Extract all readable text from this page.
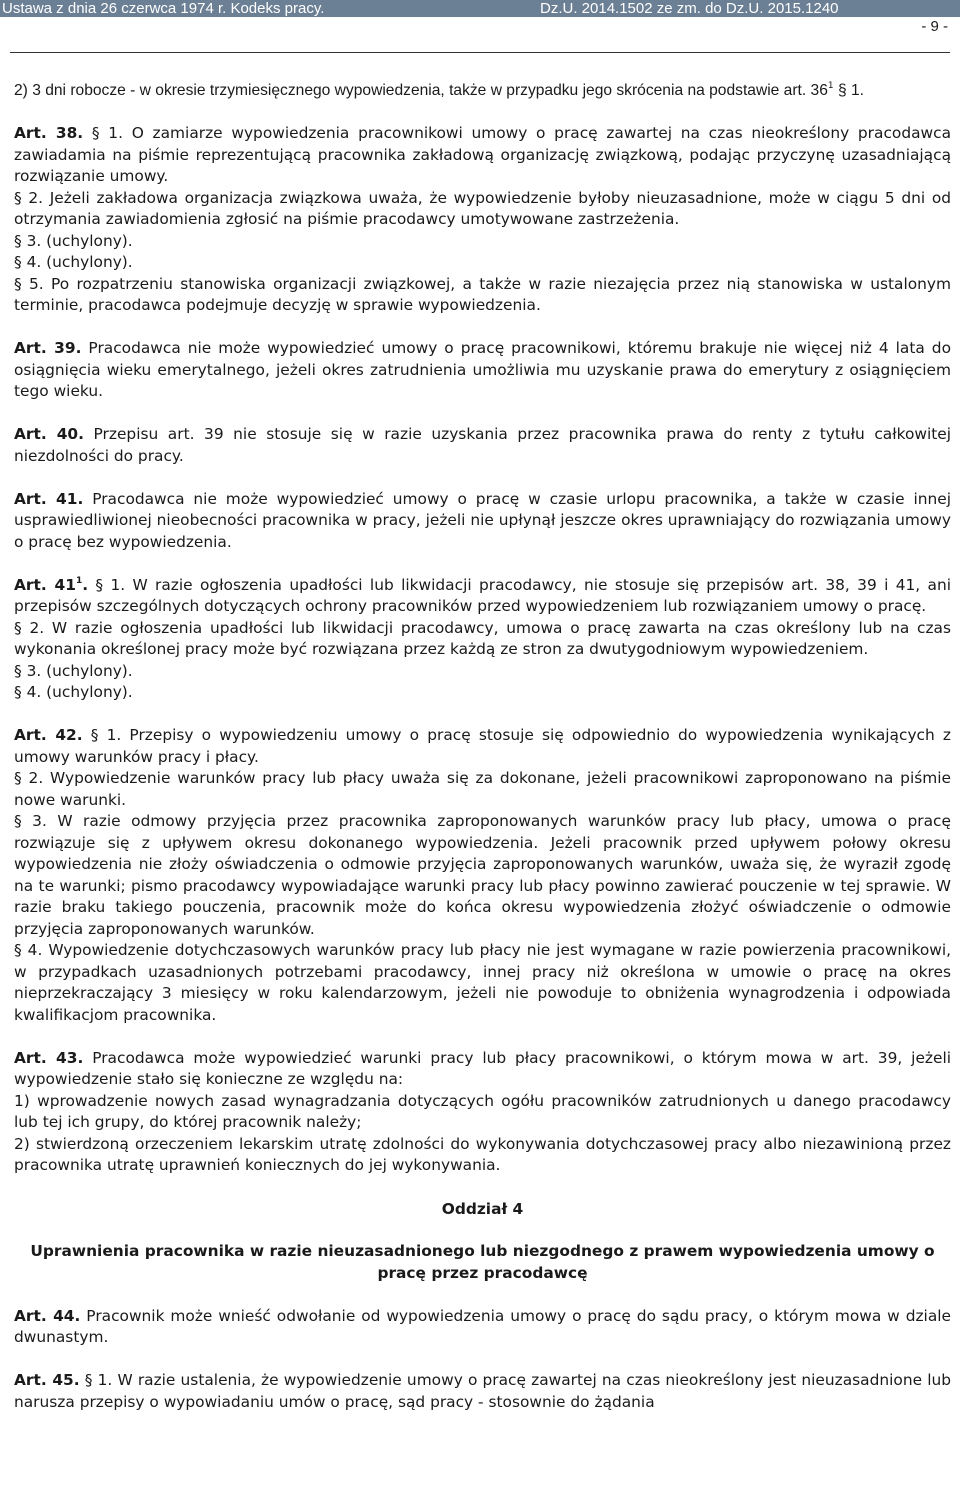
Ustawa z dnia 26 czerwca 1974 r. Kodeks pracy.	Dz.U. 2014.1502 ze zm. do Dz.U. 2015.1240
- 9 -

2) 3 dni robocze - w okresie trzymiesięcznego wypowiedzenia, także w przypadku jego skrócenia na podstawie art. $36^1$ § 1.

Art. 38. § 1. O zamiarze wypowiedzenia pracownikowi umowy o pracę zawartej na czas nieokreślony pracodawca zawiadamia na piśmie reprezentującą pracownika zakładową organizację związkową, podając przyczynę uzasadniającą rozwiązanie umowy.

§ 2. Jeżeli zakładowa organizacja związkowa uważa, że wypowiedzenie byłoby nieuzasadnione, może w ciągu 5 dni od otrzymania zawiadomienia zgłosić na piśmie pracodawcy umotywowane zastrzeżenia.

§ 3. (uchylony).

§ 4. (uchylony).

§ 5. Po rozpatrzeniu stanowiska organizacji związkowej, a także w razie niezajęcia przez nią stanowiska w ustalonym terminie, pracodawca podejmuje decyzję w sprawie wypowiedzenia.

Art. 39. Pracodawca nie może wypowiedzieć umowy o pracę pracownikowi, któremu brakuje nie więcej niż 4 lata do osiągnięcia wieku emerytalnego, jeżeli okres zatrudnienia umożliwia mu uzyskanie prawa do emerytury z osiągnięciem tego wieku.

Art. 40. Przepisu art. 39 nie stosuje się w razie uzyskania przez pracownika prawa do renty z tytułu całkowitej niezdolności do pracy.

Art. 41. Pracodawca nie może wypowiedzieć umowy o pracę w czasie urlopu pracownika, a także w czasie innej usprawiedliwionej nieobecności pracownika w pracy, jeżeli nie upłynął jeszcze okres uprawniający do rozwiązania umowy o pracę bez wypowiedzenia.

Art. $41^1$. § 1. W razie ogłoszenia upadłości lub likwidacji pracodawcy, nie stosuje się przepisów art. 38, 39 i 41, ani przepisów szczególnych dotyczących ochrony pracowników przed wypowiedzeniem lub rozwiązaniem umowy o pracę.

§ 2. W razie ogłoszenia upadłości lub likwidacji pracodawcy, umowa o pracę zawarta na czas określony lub na czas wykonania określonej pracy może być rozwiązana przez każdą ze stron za dwutygodniowym wypowiedzeniem.

§ 3. (uchylony).

§ 4. (uchylony).

Art. 42. § 1. Przepisy o wypowiedzeniu umowy o pracę stosuje się odpowiednio do wypowiedzenia wynikających z umowy warunków pracy i płacy.

§ 2. Wypowiedzenie warunków pracy lub płacy uważa się za dokonane, jeżeli pracownikowi zaproponowano na piśmie nowe warunki.

§ 3. W razie odmowy przyjęcia przez pracownika zaproponowanych warunków pracy lub płacy, umowa o pracę rozwiązuje się z upływem okresu dokonanego wypowiedzenia. Jeżeli pracownik przed upływem połowy okresu wypowiedzenia nie złoży oświadczenia o odmowie przyjęcia zaproponowanych warunków, uważa się, że wyraził zgodę na te warunki; pismo pracodawcy wypowiadające warunki pracy lub płacy powinno zawierać pouczenie w tej sprawie. W razie braku takiego pouczenia, pracownik może do końca okresu wypowiedzenia złożyć oświadczenie o odmowie przyjęcia zaproponowanych warunków.

§ 4. Wypowiedzenie dotychczasowych warunków pracy lub płacy nie jest wymagane w razie powierzenia pracownikowi, w przypadkach uzasadnionych potrzebami pracodawcy, innej pracy niż określona w umowie o pracę na okres nieprzekraczający 3 miesięcy w roku kalendarzowym, jeżeli nie powoduje to obniżenia wynagrodzenia i odpowiada kwalifikacjom pracownika.

Art. 43. Pracodawca może wypowiedzieć warunki pracy lub płacy pracownikowi, o którym mowa w art. 39, jeżeli wypowiedzenie stało się konieczne ze względu na:

1) wprowadzenie nowych zasad wynagradzania dotyczących ogółu pracowników zatrudnionych u danego pracodawcy lub tej ich grupy, do której pracownik należy;

2) stwierdzoną orzeczeniem lekarskim utratę zdolności do wykonywania dotychczasowej pracy albo niezawinioną przez pracownika utratę uprawnień koniecznych do jej wykonywania.

Oddział 4

Uprawnienia pracownika w razie nieuzasadnionego lub niezgodnego z prawem wypowiedzenia umowy o pracę przez pracodawcę

Art. 44. Pracownik może wnieść odwołanie od wypowiedzenia umowy o pracę do sądu pracy, o którym mowa w dziale dwunastym.

Art. 45. § 1. W razie ustalenia, że wypowiedzenie umowy o pracę zawartej na czas nieokreślony jest nieuzasadnione lub narusza przepisy o wypowiadaniu umów o pracę, sąd pracy - stosownie do żądania
